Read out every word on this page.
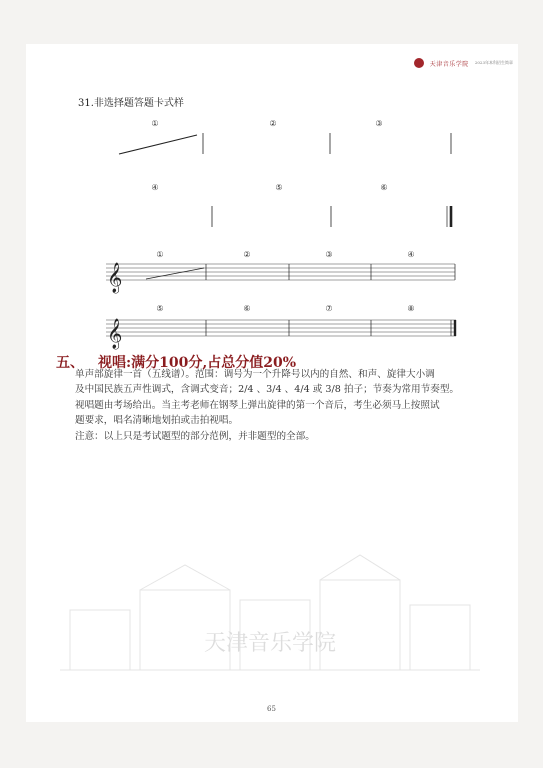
天津音乐学院 2023年本科招生简章
31.非选择题答题卡式样
①	②	③
④	⑤	⑥
①	②	③	④
𝄞
⑤	⑥	⑦	⑧
𝄞
五、 视唱:满分100分,占总分值20%

单声部旋律一首（五线谱）。范围：调号为一个升降号以内的自然、和声、旋律大小调

及中国民族五声性调式，含调式变音；2/4 、3/4 、4/4 或 3/8 拍子；节奏为常用节奏型。

视唱题由考场给出。当主考老师在钢琴上弹出旋律的第一个音后，考生必须马上按照试

题要求，唱名清晰地划拍或击拍视唱。

注意：以上只是考试题型的部分范例，并非题型的全部。

天津音乐学院
65
